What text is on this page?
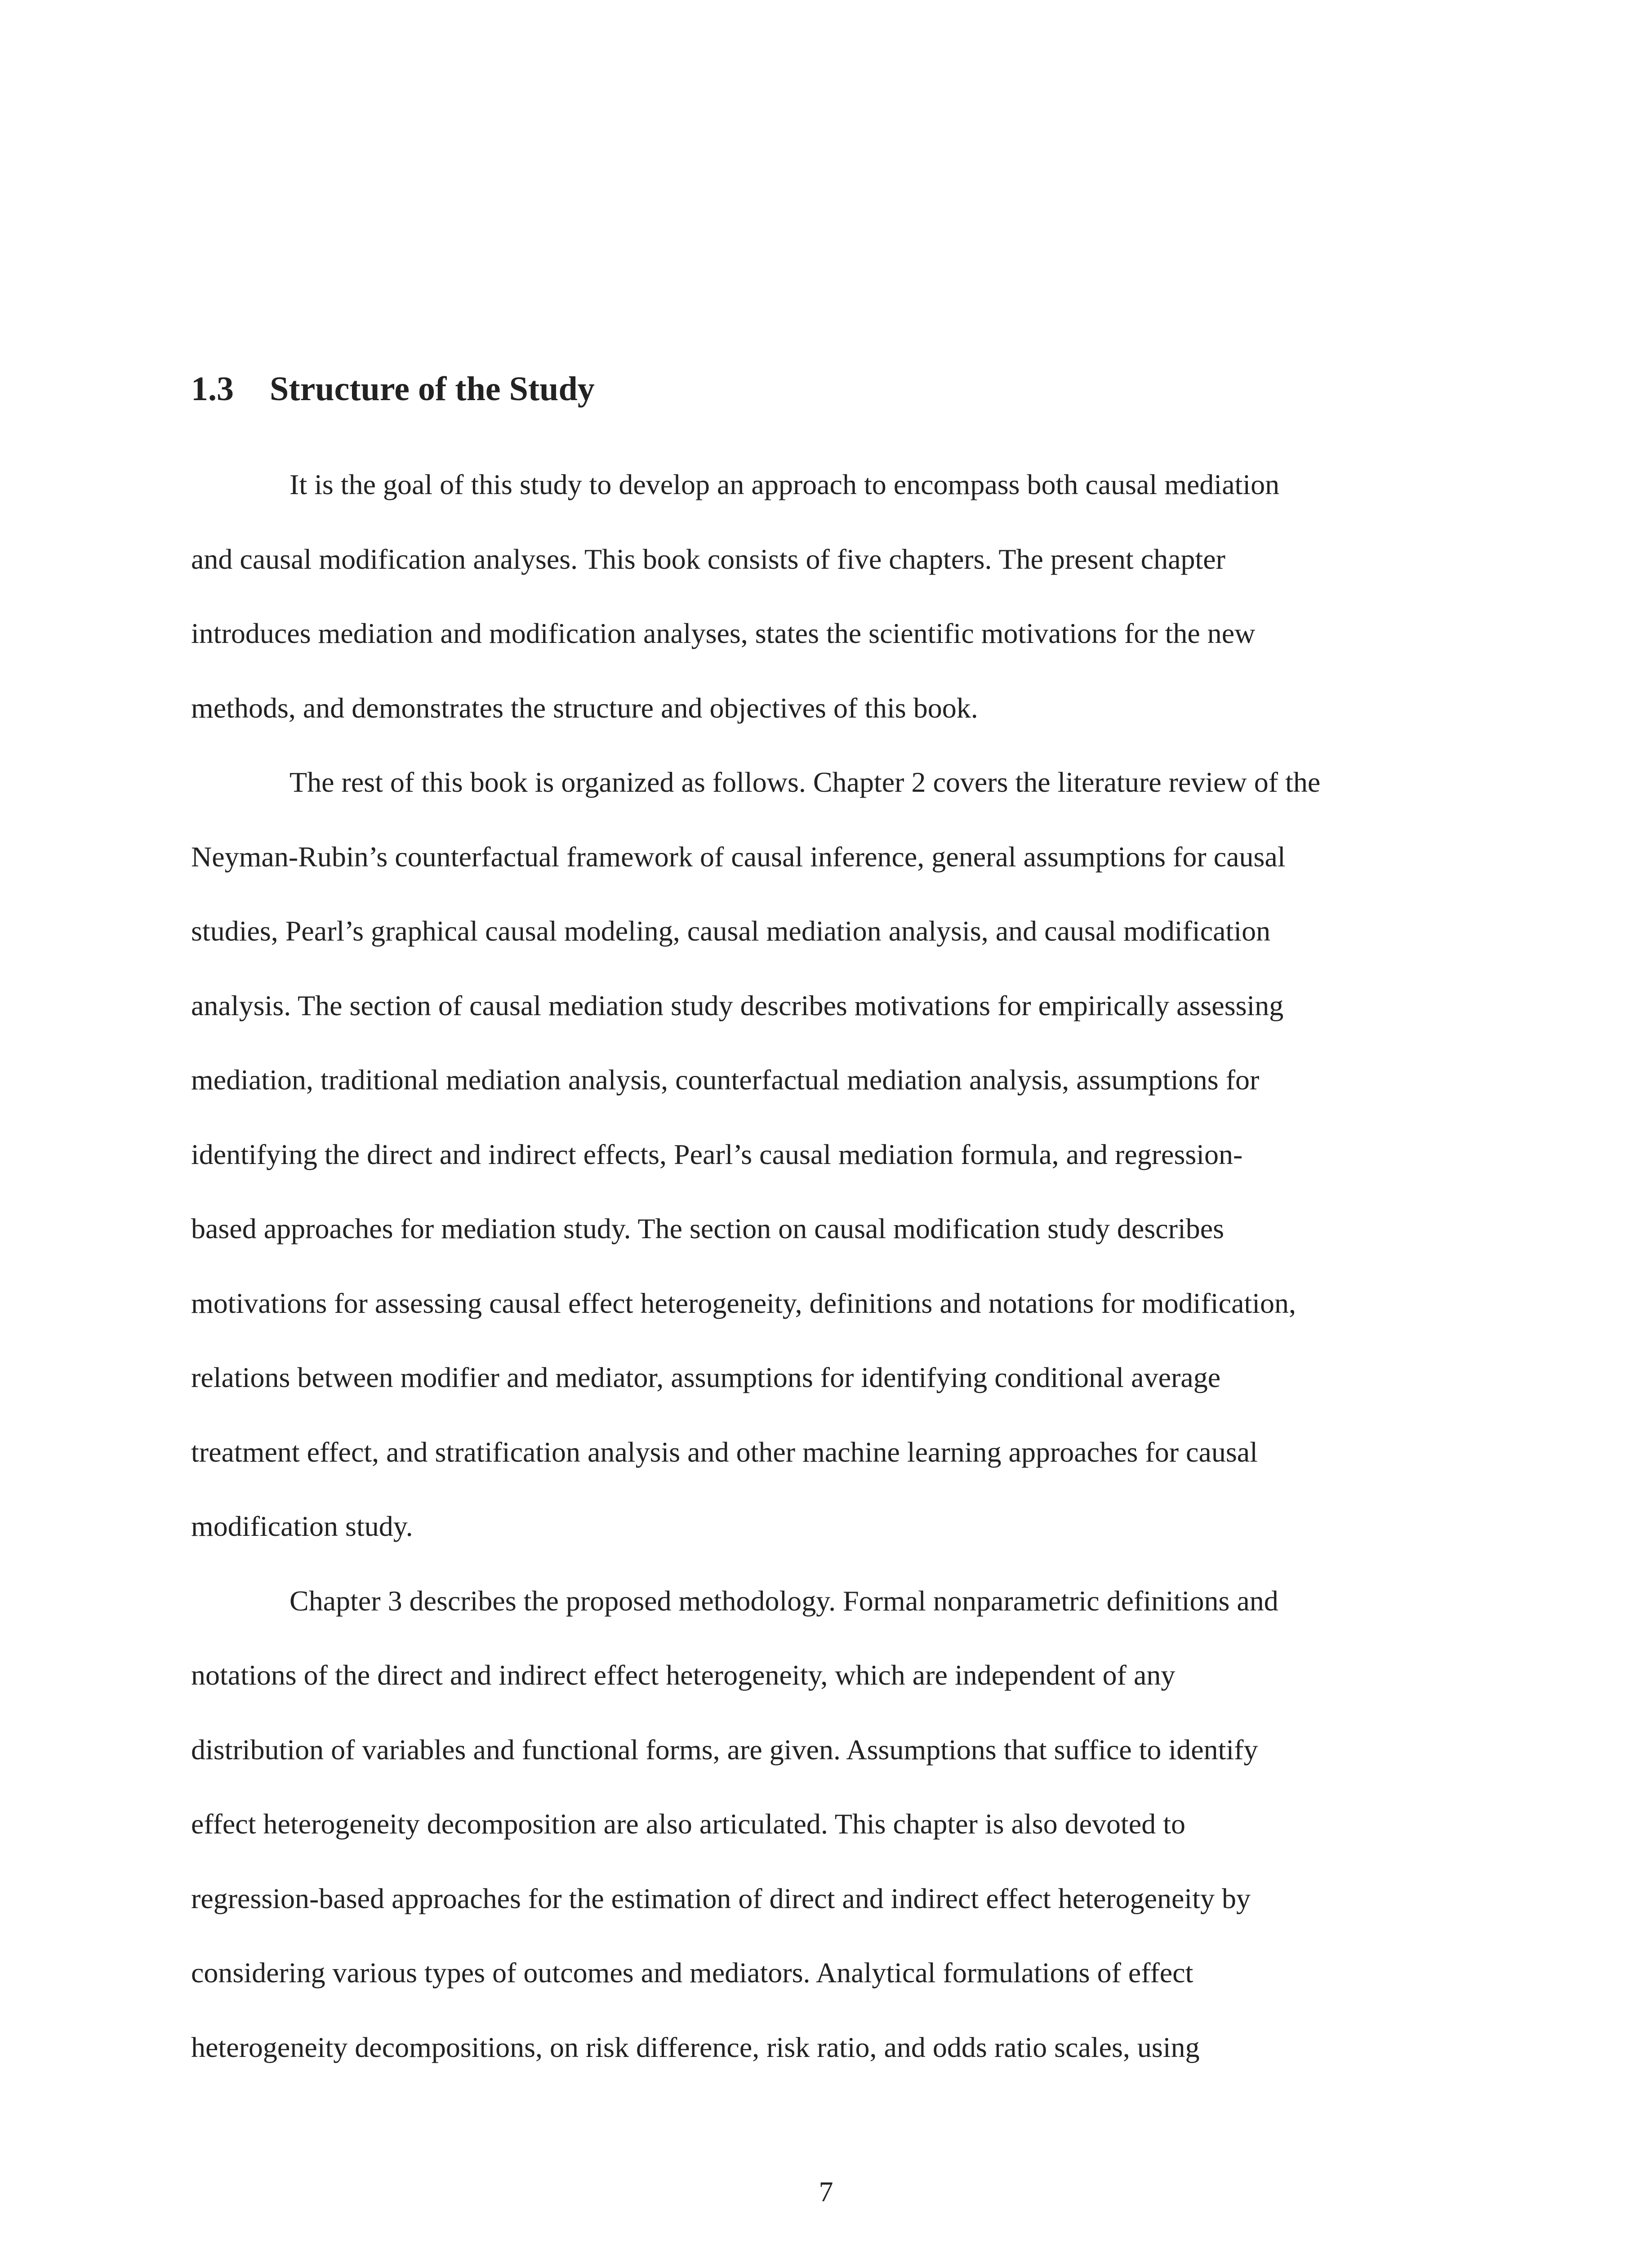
1.3 Structure of the Study
It is the goal of this study to develop an approach to encompass both causal mediation
and causal modification analyses. This book consists of five chapters. The present chapter
introduces mediation and modification analyses, states the scientific motivations for the new
methods, and demonstrates the structure and objectives of this book.
The rest of this book is organized as follows. Chapter 2 covers the literature review of the
Neyman-Rubin’s counterfactual framework of causal inference, general assumptions for causal
studies, Pearl’s graphical causal modeling, causal mediation analysis, and causal modification
analysis. The section of causal mediation study describes motivations for empirically assessing
mediation, traditional mediation analysis, counterfactual mediation analysis, assumptions for
identifying the direct and indirect effects, Pearl’s causal mediation formula, and regression-
based approaches for mediation study. The section on causal modification study describes
motivations for assessing causal effect heterogeneity, definitions and notations for modification,
relations between modifier and mediator, assumptions for identifying conditional average
treatment effect, and stratification analysis and other machine learning approaches for causal
modification study.
Chapter 3 describes the proposed methodology. Formal nonparametric definitions and
notations of the direct and indirect effect heterogeneity, which are independent of any
distribution of variables and functional forms, are given. Assumptions that suffice to identify
effect heterogeneity decomposition are also articulated. This chapter is also devoted to
regression-based approaches for the estimation of direct and indirect effect heterogeneity by
considering various types of outcomes and mediators. Analytical formulations of effect
heterogeneity decompositions, on risk difference, risk ratio, and odds ratio scales, using
7
